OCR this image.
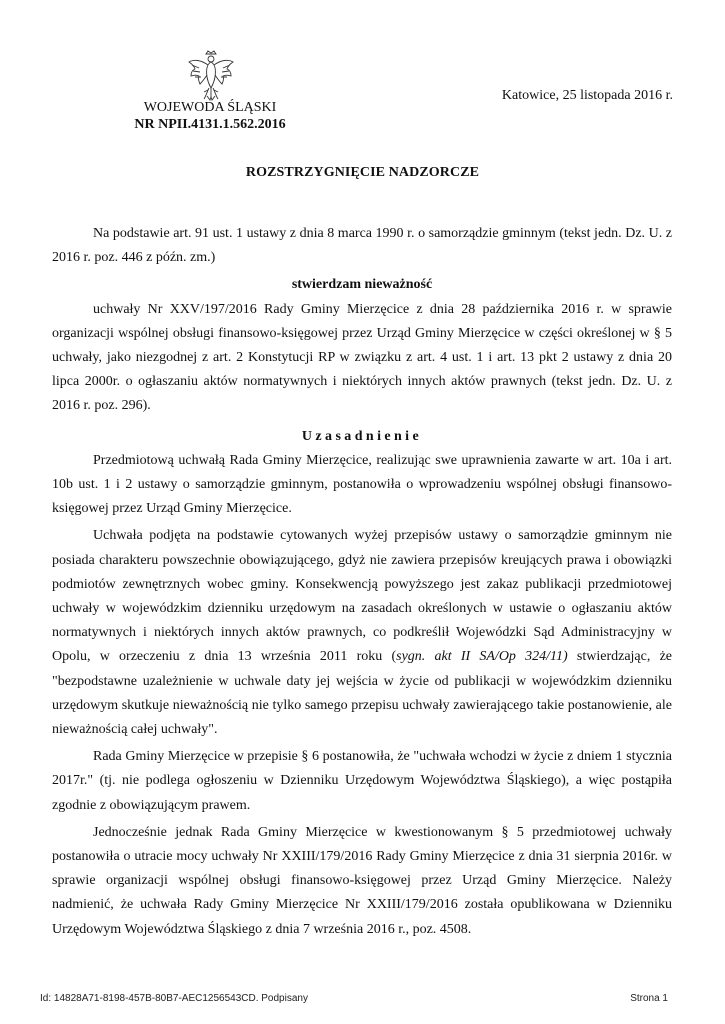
WOJEWODA ŚLĄSKI
NR NPII.4131.1.562.2016
Katowice, 25 listopada 2016 r.
ROZSTRZYGNIĘCIE NADZORCZE

Na podstawie art. 91 ust. 1 ustawy z dnia 8 marca 1990 r. o samorządzie gminnym (tekst jedn. Dz. U. z 2016 r. poz. 446 z późn. zm.)

stwierdzam nieważność

uchwały Nr XXV/197/2016 Rady Gminy Mierzęcice z dnia 28 października 2016 r. w sprawie organizacji wspólnej obsługi finansowo-księgowej przez Urząd Gminy Mierzęcice w części określonej w § 5 uchwały, jako niezgodnej z art. 2 Konstytucji RP w związku z art. 4 ust. 1 i art. 13 pkt 2 ustawy z dnia 20 lipca 2000r. o ogłaszaniu aktów normatywnych i niektórych innych aktów prawnych (tekst jedn. Dz. U. z 2016 r. poz. 296).

Uzasadnienie

Przedmiotową uchwałą Rada Gminy Mierzęcice, realizując swe uprawnienia zawarte w art. 10a i art. 10b ust. 1 i 2 ustawy o samorządzie gminnym, postanowiła o wprowadzeniu wspólnej obsługi finansowo-księgowej przez Urząd Gminy Mierzęcice.

Uchwała podjęta na podstawie cytowanych wyżej przepisów ustawy o samorządzie gminnym nie posiada charakteru powszechnie obowiązującego, gdyż nie zawiera przepisów kreujących prawa i obowiązki podmiotów zewnętrznych wobec gminy. Konsekwencją powyższego jest zakaz publikacji przedmiotowej uchwały w wojewódzkim dzienniku urzędowym na zasadach określonych w ustawie o ogłaszaniu aktów normatywnych i niektórych innych aktów prawnych, co podkreślił Wojewódzki Sąd Administracyjny w Opolu, w orzeczeniu z dnia 13 września 2011 roku (sygn. akt II SA/Op 324/11) stwierdzając, że "bezpodstawne uzależnienie w uchwale daty jej wejścia w życie od publikacji w wojewódzkim dzienniku urzędowym skutkuje nieważnością nie tylko samego przepisu uchwały zawierającego takie postanowienie, ale nieważnością całej uchwały".

Rada Gminy Mierzęcice w przepisie § 6 postanowiła, że "uchwała wchodzi w życie z dniem 1 stycznia 2017r." (tj. nie podlega ogłoszeniu w Dzienniku Urzędowym Województwa Śląskiego), a więc postąpiła zgodnie z obowiązującym prawem.

Jednocześnie jednak Rada Gminy Mierzęcice w kwestionowanym § 5 przedmiotowej uchwały postanowiła o utracie mocy uchwały Nr XXIII/179/2016 Rady Gminy Mierzęcice z dnia 31 sierpnia 2016r. w sprawie organizacji wspólnej obsługi finansowo-księgowej przez Urząd Gminy Mierzęcice. Należy nadmienić, że uchwała Rady Gminy Mierzęcice Nr XXIII/179/2016 została opublikowana w Dzienniku Urzędowym Województwa Śląskiego z dnia 7 września 2016 r., poz. 4508.

Id: 14828A71-8198-457B-80B7-AEC1256543CD. Podpisany	Strona 1
